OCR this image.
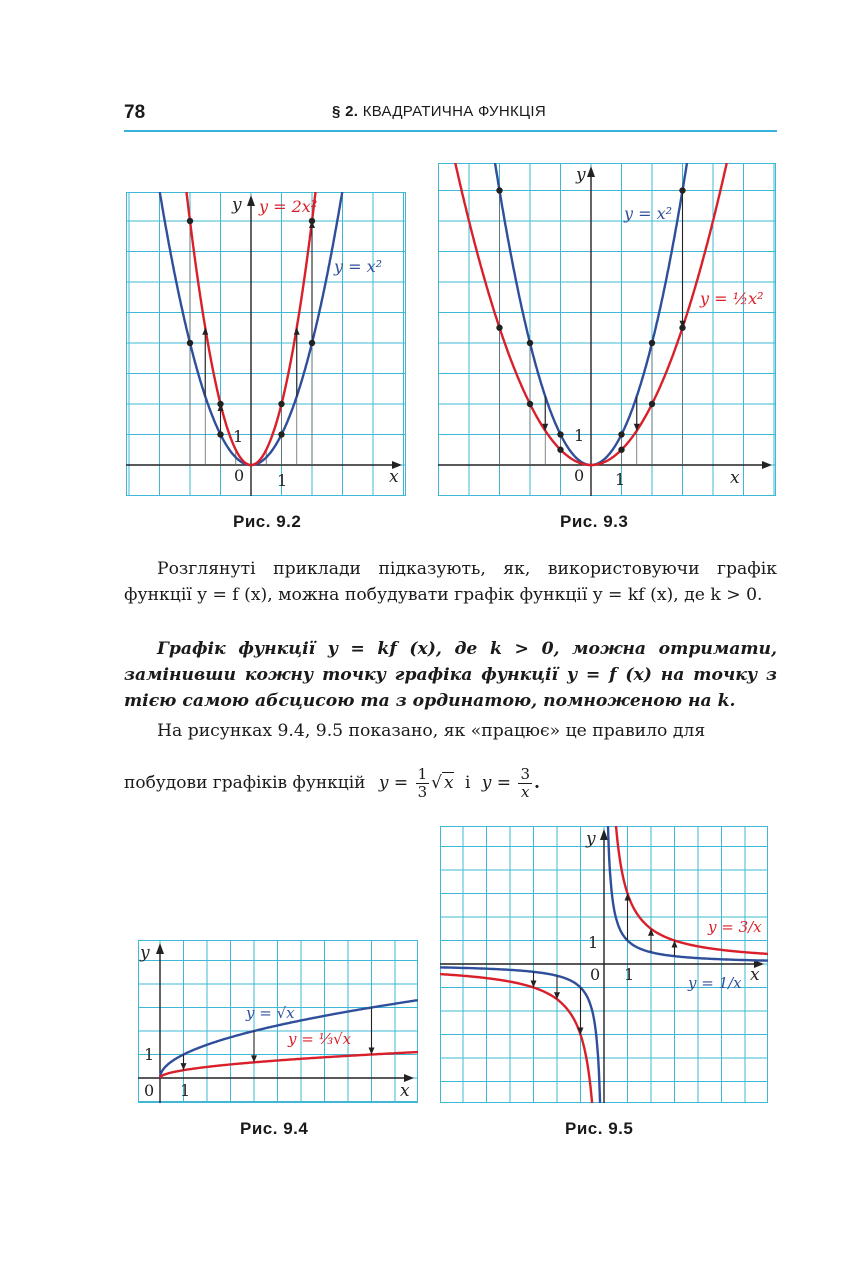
78	§ 2. КВАДРАТИЧНА ФУНКЦІЯ
y y = 2x²
y = x²
1
1
0	x
Рис. 9.2
y
y = x²
y = ½x²
1
1
0	x
Рис. 9.3
Розглянуті приклади підказують, як, використовуючи графік функції y = f (x), можна побудувати графік функції y = kf (x), де k > 0.
Графік функції y = kf (x), де k > 0, можна отримати, замінивши кожну точку графіка функції y = f (x) на точку з тією самою абсцисою та з ординатою, помноженою на k.
На рисунках 9.4, 9.5 показано, як «працює» це правило для
побудови графіків функцій $y = \frac{1}{3}$ √ x і $y = \frac{3}{x}$ .
y
y = √x
y = ⅓√x
1
1
0	x
Рис. 9.4
y
y = 3/x
y = 1/x
1
1
0	x
Рис. 9.5
